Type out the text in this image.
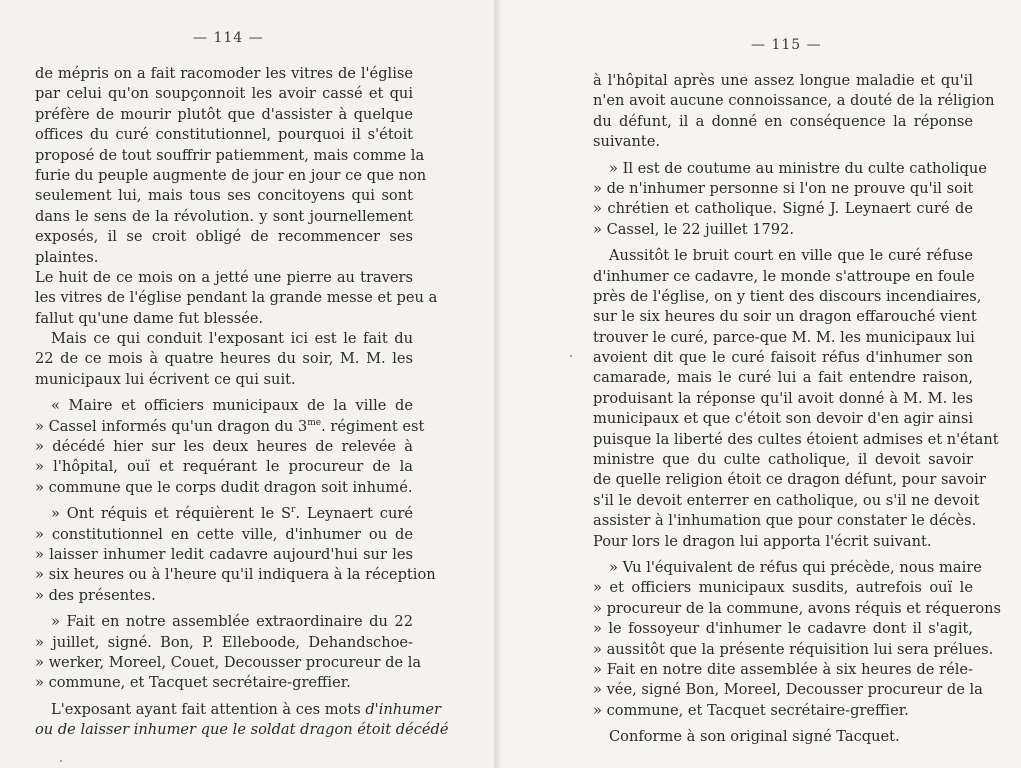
— 114 —
de mépris on a fait racomoder les vitres de l'église
par celui qu'on soupçonnoit les avoir cassé et qui
préfère de mourir plutôt que d'assister à quelque
offices du curé constitutionnel, pourquoi il s'étoit
proposé de tout souffrir patiemment, mais comme la
furie du peuple augmente de jour en jour ce que non
seulement lui, mais tous ses concitoyens qui sont
dans le sens de la révolution. y sont journellement
exposés, il se croit obligé de recommencer ses
plaintes.
Le huit de ce mois on a jetté une pierre au travers
les vitres de l'église pendant la grande messe et peu a
fallut qu'une dame fut blessée.
Mais ce qui conduit l'exposant ici est le fait du
22 de ce mois à quatre heures du soir, M. M. les
municipaux lui écrivent ce qui suit.
« Maire et officiers municipaux de la ville de
» Cassel informés qu'un dragon du $3^{me}$. régiment est
» décédé hier sur les deux heures de relevée à
» l'hôpital, ouï et requérant le procureur de la
» commune que le corps dudit dragon soit inhumé.
» Ont réquis et réquièrent le $S^r$. Leynaert curé
» constitutionnel en cette ville, d'inhumer ou de
» laisser inhumer ledit cadavre aujourd'hui sur les
» six heures ou à l'heure qu'il indiquera à la réception
» des présentes.
» Fait en notre assemblée extraordinaire du 22
» juillet, signé. Bon, P. Elleboode, Dehandschoe-
» werker, Moreel, Couet, Decousser procureur de la
» commune, et Tacquet secrétaire-greffier.
L'exposant ayant fait attention à ces mots d'inhumer
ou de laisser inhumer que le soldat dragon étoit décédé
— 115 —
à l'hôpital après une assez longue maladie et qu'il
n'en avoit aucune connoissance, a douté de la réligion
du défunt, il a donné en conséquence la réponse
suivante.
» Il est de coutume au ministre du culte catholique
» de n'inhumer personne si l'on ne prouve qu'il soit
» chrétien et catholique. Signé J. Leynaert curé de
» Cassel, le 22 juillet 1792.
Aussitôt le bruit court en ville que le curé réfuse
d'inhumer ce cadavre, le monde s'attroupe en foule
près de l'église, on y tient des discours incendiaires,
sur le six heures du soir un dragon effarouché vient
trouver le curé, parce-que M. M. les municipaux lui
avoient dit que le curé faisoit réfus d'inhumer son
camarade, mais le curé lui a fait entendre raison,
produisant la réponse qu'il avoit donné à M. M. les
municipaux et que c'étoit son devoir d'en agir ainsi
puisque la liberté des cultes étoient admises et n'étant
ministre que du culte catholique, il devoit savoir
de quelle religion étoit ce dragon défunt, pour savoir
s'il le devoit enterrer en catholique, ou s'il ne devoit
assister à l'inhumation que pour constater le décès.
Pour lors le dragon lui apporta l'écrit suivant.
» Vu l'équivalent de réfus qui précède, nous maire
» et officiers municipaux susdits, autrefois ouï le
» procureur de la commune, avons réquis et réquerons
» le fossoyeur d'inhumer le cadavre dont il s'agit,
» aussitôt que la présente réquisition lui sera prélues.
» Fait en notre dite assemblée à six heures de réle-
» vée, signé Bon, Moreel, Decousser procureur de la
» commune, et Tacquet secrétaire-greffier.
Conforme à son original signé Tacquet.
